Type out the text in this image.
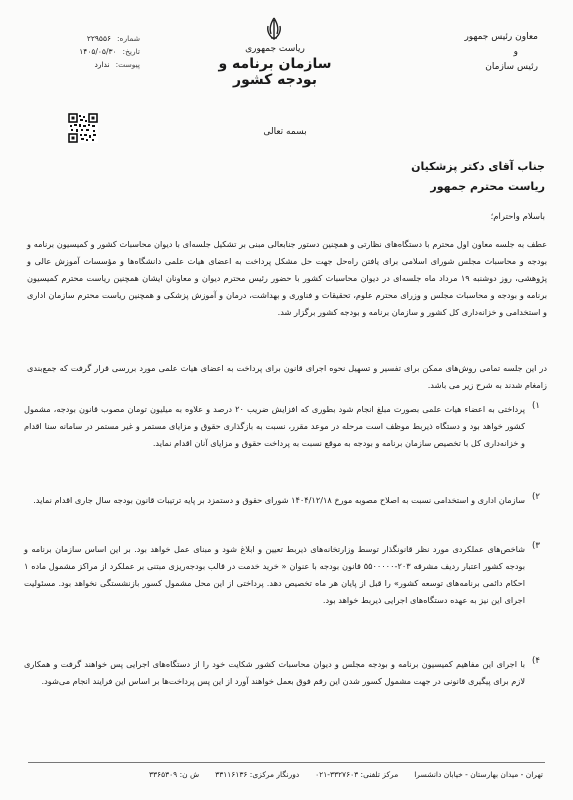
شماره:
۲۲۹۵۵۶
تاریخ:
۱۴۰۵/۰۵/۳۰
پیوست:
ندارد
ریاست جمهوری
سازمان برنامه و بودجه کشور
معاون رئیس جمهور
و
رئیس سازمان
بسمه تعالی
جناب آقای دکتر پزشکیان
ریاست محترم جمهور
باسلام واحترام؛
عطف به جلسه معاون اول محترم با دستگاه‌های نظارتی و همچنین دستور جنابعالی مبنی بر تشکیل جلسه‌ای با دیوان محاسبات کشور و کمیسیون برنامه و بودجه و محاسبات مجلس شورای اسلامی برای یافتن راه‌حل جهت حل مشکل پرداخت به اعضای هیات علمی دانشگاه‌ها و مؤسسات آموزش عالی و پژوهشی، روز دوشنبه ۱۹ مرداد ماه جلسه‌ای در دیوان محاسبات کشور با حضور رئیس محترم دیوان و معاونان ایشان همچنین ریاست محترم کمیسیون برنامه و بودجه و محاسبات مجلس و وزرای محترم علوم، تحقیقات و فناوری و بهداشت، درمان و آموزش پزشکی و همچنین ریاست محترم سازمان اداری و استخدامی و خزانه‌داری کل کشور و سازمان برنامه و بودجه کشور برگزار شد.
در این جلسه تمامی روش‌های ممکن برای تفسیر و تسهیل نحوه اجرای قانون برای پرداخت به اعضای هیات علمی مورد بررسی قرار گرفت که جمع‌بندی زامغام شدند به شرح زیر می باشد.
۱)
پرداختی به اعضاء هیات علمی بصورت مبلغ انجام شود بطوری که افزایش ضریب ۲۰ درصد و علاوه به میلیون تومان مصوب قانون بودجه، مشمول کشور خواهد بود و دستگاه ذیربط موظف است مرحله در موعد مقرر، نسبت به بازگذاری حقوق و مزایای مستمر و غیر مستمر در سامانه سنا اقدام و خزانه‌داری کل با تخصیص سازمان برنامه و بودجه به موقع نسبت به پرداخت حقوق و مزایای آنان اقدام نماید.
۲)
سازمان اداری و استخدامی نسبت به اصلاح مصوبه مورخ ۱۴۰۴/۱۲/۱۸ شورای حقوق و دستمزد بر پایه ترتیبات قانون بودجه سال جاری اقدام نماید.
۳)
شاخص‌های عملکردی مورد نظر قانونگذار توسط وزارتخانه‌های ذیربط تعیین و ابلاغ شود و مبنای عمل خواهد بود. بر این اساس سازمان برنامه و بودجه کشور اعتبار ردیف مشرقه ۲۰۳-۵۵۰۰۰۰۰ قانون بودجه با عنوان « خرید خدمت در قالب بودجه‌ریزی مبتنی بر عملکرد از مراکز مشمول ماده ۱ احکام دائمی برنامه‌های توسعه کشور» را قبل از پایان هر ماه تخصیص دهد. پرداختی از این محل مشمول کسور بازنشستگی نخواهد بود. مسئولیت اجرای این نیز به عهده دستگاه‌های اجرایی ذیربط خواهد بود.
۴)
با اجرای این مفاهیم کمیسیون برنامه و بودجه مجلس و دیوان محاسبات کشور شکایت خود را از دستگاه‌های اجرایی پس خواهند گرفت و همکاری لازم برای پیگیری قانونی در جهت مشمول کسور شدن این رقم فوق بعمل خواهند آورد از این پس پرداخت‌ها بر اساس این فرایند انجام می‌شود.
تهران - میدان بهارستان - خیابان دانشسرا
مرکز تلفنی: ۳۳۲۷۶۰۳-۰۲۱
دورنگار مرکزی: ۳۳۱۱۶۱۳۶
ش ن: ۳۳۶۵۳۰۹
